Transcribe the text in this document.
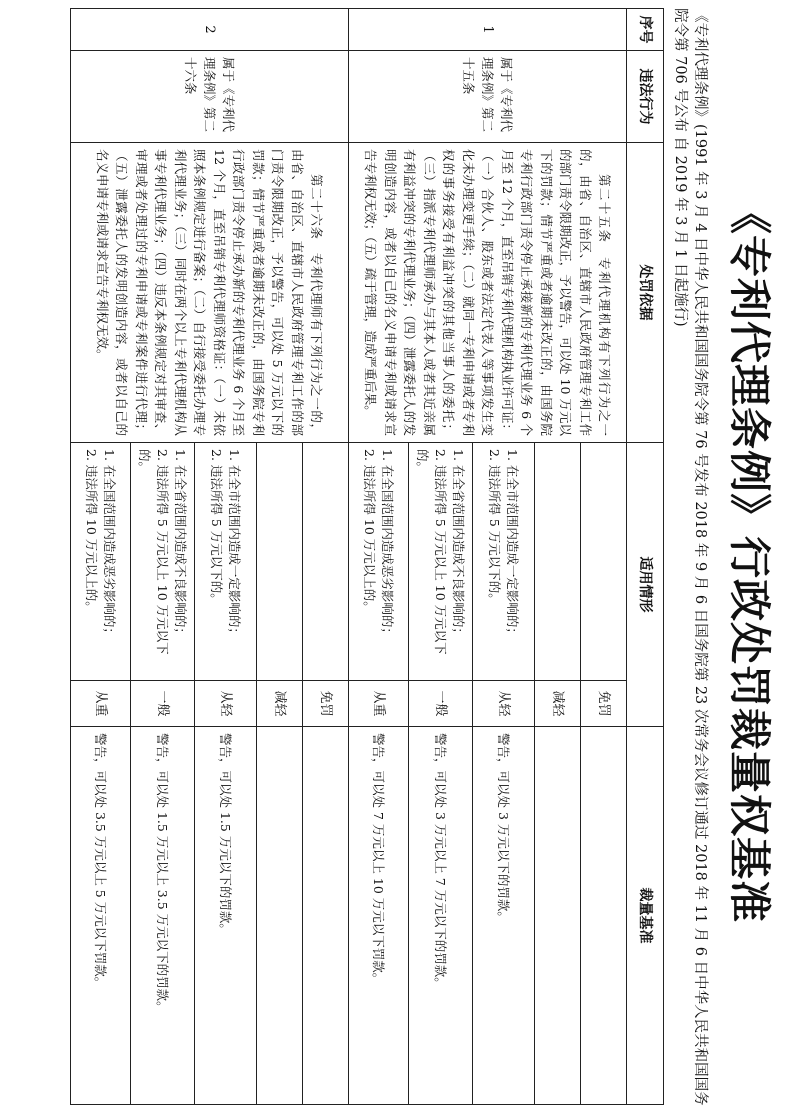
《专利代理条例》行政处罚裁量权基准
《专利代理条例》(1991 年 3 月 4 日中华人民共和国国务院令第 76 号发布 2018 年 9 月 6 日国务院第 23 次常务会议修订通过 2018 年 11 月 6 日中华人民共和国国务院令第 706 号公布 自 2019 年 3 月 1 日起施行)
序号	违法行为	处罚依据	适用情形		裁量基准
1	属于《专利代理条例》第二十五条	第二十五条　专利代理机构有下列行为之一的，由省、自治区、直辖市人民政府管理专利工作的部门责令限期改正，予以警告，可以处 10 万元以下的罚款；情节严重或者逾期未改正的，由国务院专利行政部门责令停止承接新的专利代理业务 6 个月至 12 个月，直至吊销专利代理机构执业许可证：（一）合伙人、股东或者法定代表人等事项发生变化未办理变更手续；（二）就同一专利申请或者专利权的事务接受有利益冲突的其他当事人的委托；（三）指派专利代理师承办与其本人或者其近亲属有利益冲突的专利代理业务；（四）泄露委托人的发明创造内容，或者以自己的名义申请专利或请求宣告专利权无效；（五）疏于管理，造成严重后果。		免罚	

				减轻	

			1. 在全市范围内造成一定影响的；
2. 违法所得 5 万元以下的。	从轻	警告，可以处 3 万元以下的罚款。

			1. 在全省范围内造成不良影响的；
2. 违法所得 5 万元以上 10 万元以下的。	一般	警告，可以处 3 万元以上 7 万元以下的罚款。

			1. 在全国范围内造成恶劣影响的；
2. 违法所得 10 万元以上的。	从重	警告，可以处 7 万元以上 10 万元以下罚款。
2	属于《专利代理条例》第二十六条	第二十六条　专利代理师有下列行为之一的，由省、自治区、直辖市人民政府管理专利工作的部门责令限期改正，予以警告，可以处 5 万元以下的罚款；情节严重或者逾期未改正的，由国务院专利行政部门责令停止承办新的专利代理业务 6 个月至 12 个月，直至吊销专利代理师资格证：（一）未依照本条例规定进行备案；（二）自行接受委托办理专利代理业务；（三）同时在两个以上专利代理机构从事专利代理业务；（四）违反本条例规定对其审查、审理或者处理过的专利申请或专利案件进行代理；（五）泄露委托人的发明创造内容，或者以自己的名义申请专利或请求宣告专利权无效。		免罚	

				减轻	

			1. 在全市范围内造成一定影响的；
2. 违法所得 5 万元以下的。	从轻	警告，可以处 1.5 万元以下的罚款。

			1. 在全省范围内造成不良影响的；
2. 违法所得 5 万元以上 10 万元以下的。	一般	警告，可以处 1.5 万元以上 3.5 万元以下的罚款。

			1. 在全国范围内造成恶劣影响的；
2. 违法所得 10 万元以上的。	从重	警告，可以处 3.5 万元以上 5 万元以下罚款。
